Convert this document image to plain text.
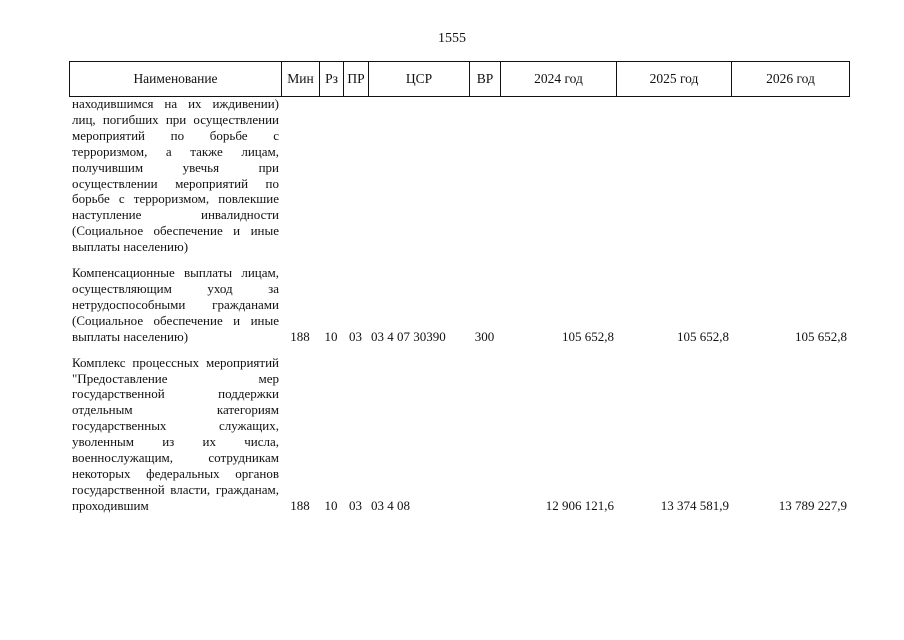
1555
Наименование	Мин	Рз	ПР	ЦСР	ВР	2024 год	2025 год	2026 год
находившимся на их иждивении) лиц, погибших при осуществлении мероприятий по борьбе с терроризмом, а также лицам, получившим увечья при осуществлении мероприятий по борьбе с терроризмом, повлекшие наступление инвалидности (Социальное обеспечение и иные выплаты населению)								

Компенсационные выплаты лицам, осуществляющим уход за нетрудоспособными гражданами (Социальное обеспечение и иные выплаты населению)	188	10	03	03 4 07 30390	300	105 652,8	105 652,8	105 652,8

Комплекс процессных мероприятий "Предоставление мер государственной поддержки отдельным категориям государственных служащих, уволенным из их числа, военнослужащим, сотрудникам некоторых федеральных органов государственной власти, гражданам, проходившим	188	10	03	03 4 08		12 906 121,6	13 374 581,9	13 789 227,9
